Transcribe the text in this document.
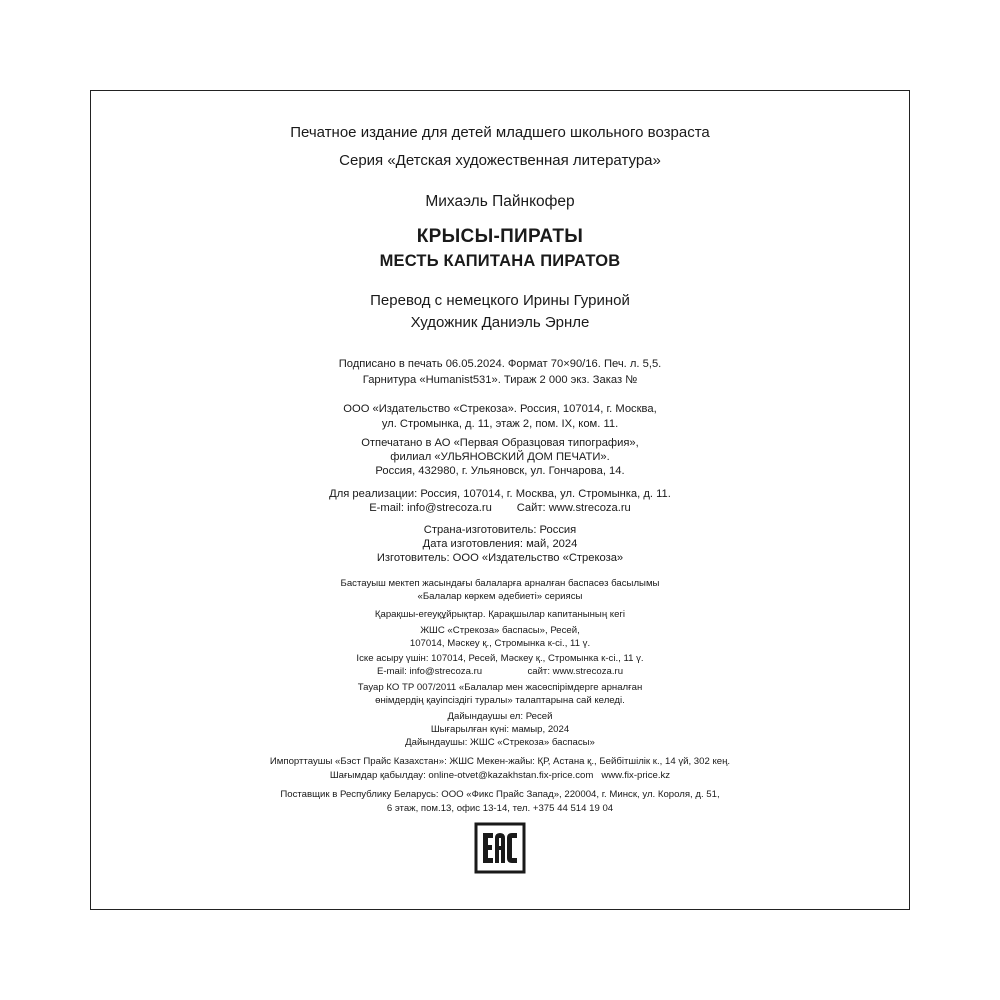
Печатное издание для детей младшего школьного возраста
Серия «Детская художественная литература»
Михаэль Пайнкофер
КРЫСЫ-ПИРАТЫ
МЕСТЬ КАПИТАНА ПИРАТОВ
Перевод с немецкого Ирины Гуриной
Художник Даниэль Эрнле
Подписано в печать 06.05.2024. Формат 70×90/16. Печ. л. 5,5.
Гарнитура «Humanist531». Тираж 2 000 экз. Заказ №
ООО «Издательство «Стрекоза». Россия, 107014, г. Москва,
ул. Стромынка, д. 11, этаж 2, пом. IX, ком. 11.
Отпечатано в АО «Первая Образцовая типография»,
филиал «УЛЬЯНОВСКИЙ ДОМ ПЕЧАТИ».
Россия, 432980, г. Ульяновск, ул. Гончарова, 14.
Для реализации: Россия, 107014, г. Москва, ул. Стромынка, д. 11.
E-mail: info@strecoza.ru        Сайт: www.strecoza.ru
Страна-изготовитель: Россия
Дата изготовления: май, 2024
Изготовитель: ООО «Издательство «Стрекоза»
Бастауыш мектеп жасындағы балаларға арналған баспасөз басылымы
«Балалар көркем әдебиеті» сериясы
Қарақшы-егеуқұйрықтар. Қарақшылар капитанының кегі
ЖШС «Стрекоза» баспасы», Ресей,
107014, Мәскеу қ., Стромынка к-сі., 11 ү.
Іске асыру үшін: 107014, Ресей, Мәскеу қ., Стромынка к-сі., 11 ү.
E-mail: info@strecoza.ru                 сайт: www.strecoza.ru
Тауар КО ТР 007/2011 «Балалар мен жасөспірімдерге арналған
өнімдердің қауіпсіздігі туралы» талаптарына сай келеді.
Дайындаушы ел: Ресей
Шығарылған күні: мамыр, 2024
Дайындаушы: ЖШС «Стрекоза» баспасы»
Импорттаушы «Бэст Прайс Казахстан»: ЖШС Мекен-жайы: ҚР, Астана қ., Бейбітшілік к., 14 үй, 302 кең.
Шағымдар қабылдау: online-otvet@kazakhstan.fix-price.com   www.fix-price.kz
Поставщик в Республику Беларусь: ООО «Фикс Прайс Запад», 220004, г. Минск, ул. Короля, д. 51,
6 этаж, пом.13, офис 13-14, тел. +375 44 514 19 04
